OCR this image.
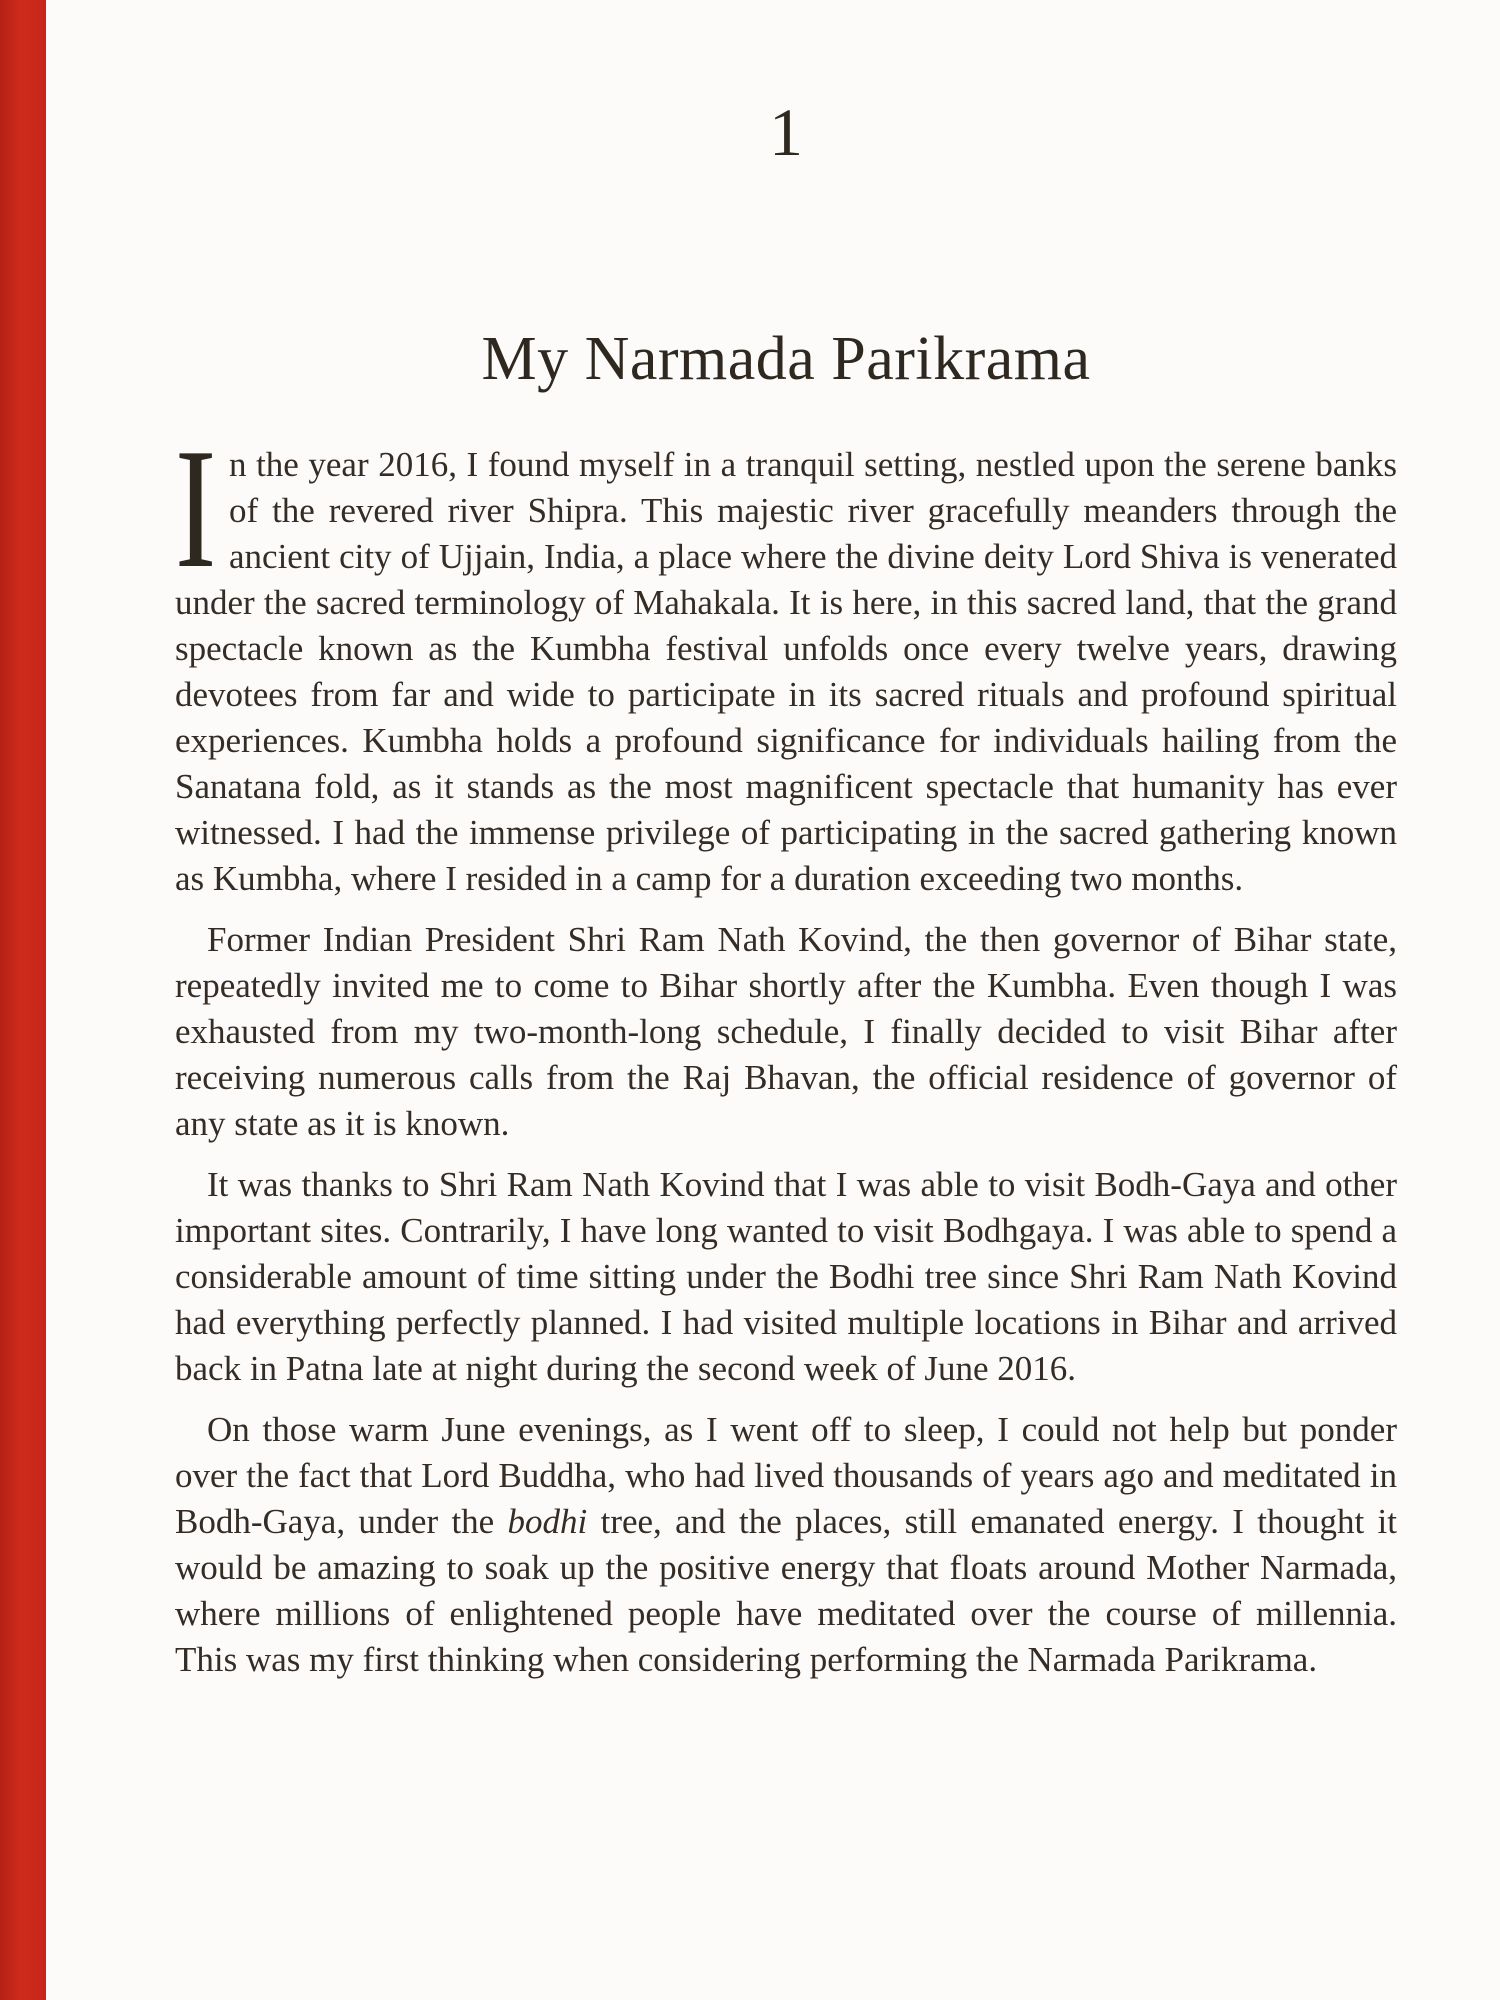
1
My Narmada Parikrama

In the year 2016, I found myself in a tranquil setting, nestled upon the serene banks of the revered river Shipra. This majestic river gracefully meanders through the ancient city of Ujjain, India, a place where the divine deity Lord Shiva is venerated under the sacred terminology of Mahakala. It is here, in this sacred land, that the grand spectacle known as the Kumbha festival unfolds once every twelve years, drawing devotees from far and wide to participate in its sacred rituals and profound spiritual experiences. Kumbha holds a profound significance for individuals hailing from the Sanatana fold, as it stands as the most magnificent spectacle that humanity has ever witnessed. I had the immense privilege of participating in the sacred gathering known as Kumbha, where I resided in a camp for a duration exceeding two months.

Former Indian President Shri Ram Nath Kovind, the then governor of Bihar state, repeatedly invited me to come to Bihar shortly after the Kumbha. Even though I was exhausted from my two-month-long schedule, I finally decided to visit Bihar after receiving numerous calls from the Raj Bhavan, the official residence of governor of any state as it is known.

It was thanks to Shri Ram Nath Kovind that I was able to visit Bodh-Gaya and other important sites. Contrarily, I have long wanted to visit Bodhgaya. I was able to spend a considerable amount of time sitting under the Bodhi tree since Shri Ram Nath Kovind had everything perfectly planned. I had visited multiple locations in Bihar and arrived back in Patna late at night during the second week of June 2016.

On those warm June evenings, as I went off to sleep, I could not help but ponder over the fact that Lord Buddha, who had lived thousands of years ago and meditated in Bodh-Gaya, under the bodhi tree, and the places, still emanated energy. I thought it would be amazing to soak up the positive energy that floats around Mother Narmada, where millions of enlightened people have meditated over the course of millennia. This was my first thinking when considering performing the Narmada Parikrama.
